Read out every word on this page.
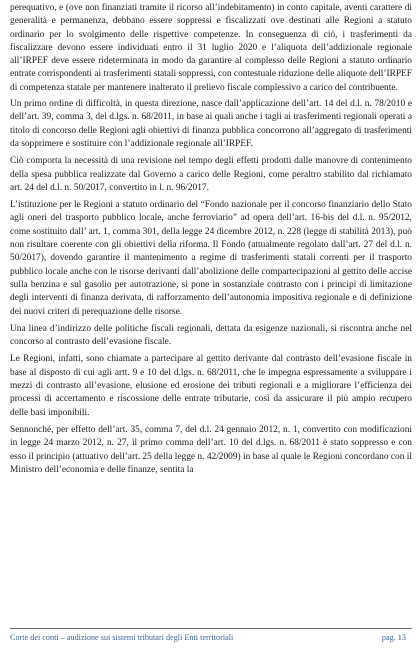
perequativo, e (ove non finanziati tramite il ricorso all’indebitamento) in conto capitale, aventi carattere di generalità e permanenza, debbano essere soppressi e fiscalizzati ove destinati alle Regioni a statuto ordinario per lo svolgimento delle rispettive competenze. In conseguenza di ciò, i trasferimenti da fiscalizzare devono essere individuati entro il 31 luglio 2020 e l’aliquota dell’addizionale regionale all’IRPEF deve essere rideterminata in modo da garantire al complesso delle Regioni a statuto ordinario entrate corrispondenti ai trasferimenti statali soppressi, con contestuale riduzione delle aliquote dell’IRPEF di competenza statale per mantenere inalterato il prelievo fiscale complessivo a carico del contribuente.

Un primo ordine di difficoltà, in questa direzione, nasce dall’applicazione dell’art. 14 del d.l. n. 78/2010 e dell’art. 39, comma 3, del d.lgs. n. 68/2011, in base ai quali anche i tagli ai trasferimenti regionali operati a titolo di concorso delle Regioni agli obiettivi di finanza pubblica concorrono all’aggregato di trasferimenti da sopprimere e sostituire con l’addizionale regionale all’IRPEF.

Ciò comporta la necessità di una revisione nel tempo degli effetti prodotti dalle manovre di contenimento della spesa pubblica realizzate dal Governo a carico delle Regioni, come peraltro stabilito dal richiamato art. 24 del d.l. n. 50/2017, convertito in l. n. 96/2017.

L’istituzione per le Regioni a statuto ordinario del “Fondo nazionale per il concorso finanziario dello Stato agli oneri del trasporto pubblico locale, anche ferroviario” ad opera dell’art. 16-bis del d.l. n. 95/2012, come sostituito dall’ art. 1, comma 301, della legge 24 dicembre 2012, n. 228 (legge di stabilità 2013), può non risultare coerente con gli obiettivi della riforma. Il Fondo (attualmente regolato dall’art. 27 del d.l. n. 50/2017), dovendo garantire il mantenimento a regime di trasferimenti statali correnti per il trasporto pubblico locale anche con le risorse derivanti dall’abolizione delle compartecipazioni al gettito delle accise sulla benzina e sul gasolio per autotrazione, si pone in sostanziale contrasto con i principi di limitazione degli interventi di finanza derivata, di rafforzamento dell’autonomia impositiva regionale e di definizione dei nuovi criteri di perequazione delle risorse.

Una linea d’indirizzo delle politiche fiscali regionali, dettata da esigenze nazionali, si riscontra anche nel concorso al contrasto dell’evasione fiscale.

Le Regioni, infatti, sono chiamate a partecipare al gettito derivante dal contrasto dell’evasione fiscale in base al disposto di cui agli artt. 9 e 10 del d.lgs. n. 68/2011, che le impegna espressamente a sviluppare i mezzi di contrasto all’evasione, elusione ed erosione dei tributi regionali e a migliorare l’efficienza dei processi di accertamento e riscossione delle entrate tributarie, così da assicurare il più ampio recupero delle basi imponibili.

Sennonché, per effetto dell’art. 35, comma 7, del d.l. 24 gennaio 2012, n. 1, convertito con modificazioni in legge 24 marzo 2012, n. 27, il primo comma dell’art. 10 del d.lgs. n. 68/2011 è stato soppresso e con esso il principio (attuativo dell’art. 25 della legge n. 42/2009) in base al quale le Regioni concordano con il Ministro dell’economia e delle finanze, sentita la

Corte dei conti – audizione sui sistemi tributari degli Enti territoriali	pag. 13
